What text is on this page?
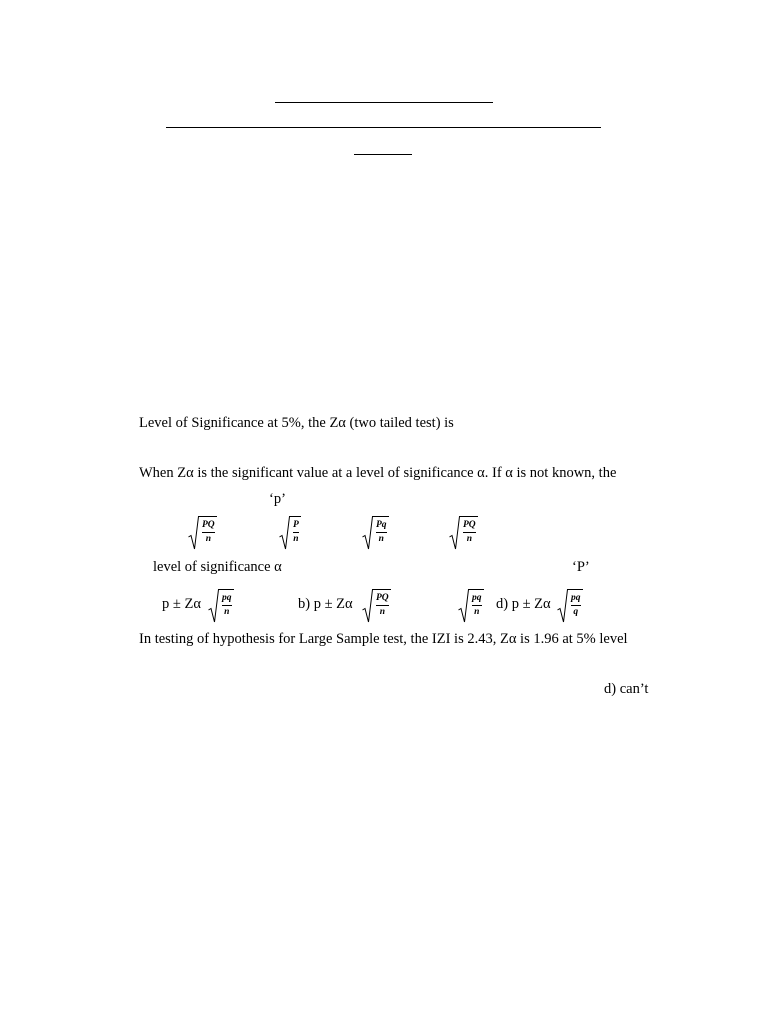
Level of Significance at 5%, the Zα (two tailed test) is
When Zα is the significant value at a level of significance α. If α is not known, the
‘p’
$\frac{PQ}{n}$	$\frac{P}{n}$	$\frac{Pq}{n}$	$\frac{PQ}{n}$
level of significance α	‘P’
p ± Zα $\frac{pq}{n}$	b) p ± Zα $\frac{PQ}{n}$	$\frac{pq}{n} d$) p ± Zα $\frac{pq}{q}$
In testing of hypothesis for Large Sample test, the IZI is 2.43, Zα is 1.96 at 5% level
d) can’t
